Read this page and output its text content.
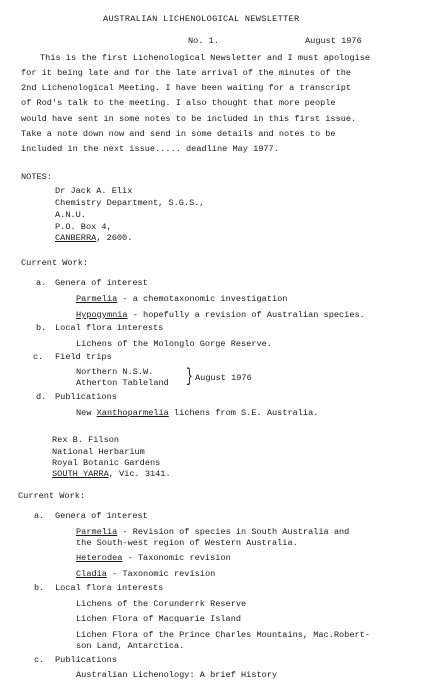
AUSTRALIAN LICHENOLOGICAL NEWSLETTER
No. 1.	August 1976
This is the first Lichenological Newsletter and I must apologise
for it being late and for the late arrival of the minutes of the
2nd Lichenological Meeting. I have been waiting for a transcript
of Rod's talk to the meeting. I also thought that more people
would have sent in some notes to be included in this first issue.
Take a note down now and send in some details and notes to be
included in the next issue..... deadline May 1977.
NOTES:
Dr Jack A. Elix
Chemistry Department, S.G.S.,
A.N.U.
P.O. Box 4,
CANBERRA, 2600.
Current Work:
a. Genera of interest
Parmelia - a chemotaxonomic investigation
Hypogymnia - hopefully a revision of Australian species.
b. Local flora interests
Lichens of the Molonglo Gorge Reserve.
c. Field trips
Northern N.S.W.
Atherton Tableland } August 1976
d. Publications
New Xanthoparmelia lichens from S.E. Australia.
Rex B. Filson
National Herbarium
Royal Botanic Gardens
SOUTH YARRA, Vic. 3141.
Current Work:
a. Genera of interest
Parmelia - Revision of species in South Australia and
the South-west region of Western Australia.
Heterodea - Taxonomic revision
Cladia - Taxonomic revision
b. Local flora interests
Lichens of the Corunderrk Reserve
Lichen Flora of Macquarie Island
Lichen Flora of the Prince Charles Mountains, Mac.Robert-
son Land, Antarctica.
c. Publications
Australian Lichenology: A brief History
